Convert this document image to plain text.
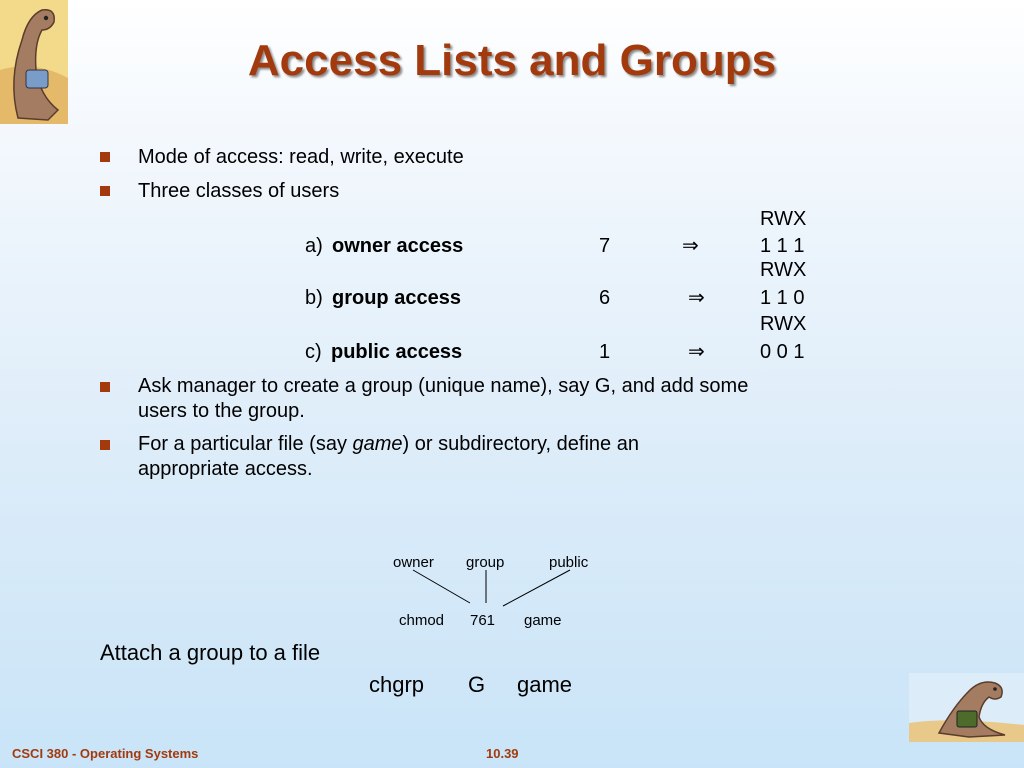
Access Lists and Groups
Mode of access: read, write, execute
Three classes of users
RWX
a) owner access	7	⇒	1 1 1
RWX
b) group access	6	⇒	1 1 0
RWX
c) public access	1	⇒	0 0 1
Ask manager to create a group (unique name), say G, and add some users to the group.
For a particular file (say game) or subdirectory, define an appropriate access.
owner group	public
chmod 761 game
Attach a group to a file
chgrp G game
CSCI 380 - Operating Systems	10.39
